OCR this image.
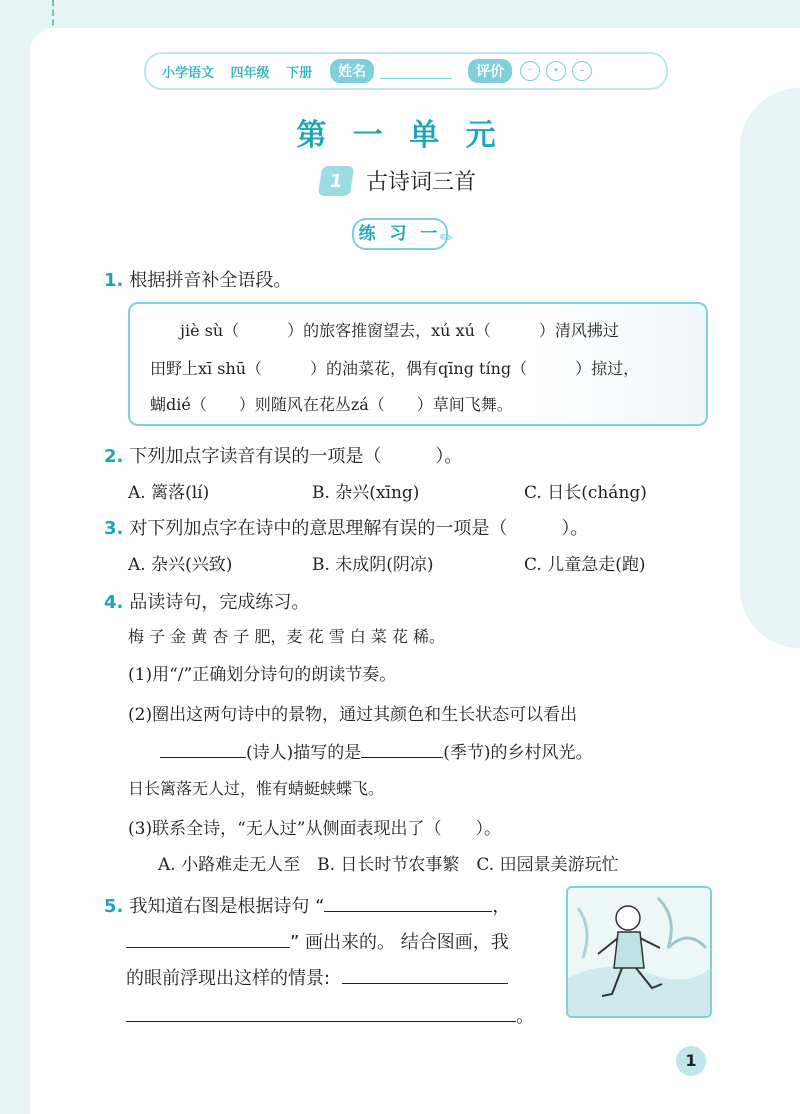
小学语文 四年级 下册	姓名	评价	ᵕ	•	–
第 一 单 元
1	古诗词三首
练 习 一
✎
1. 根据拼音补全语段。
jiè sù（　　　）的旅客推窗望去，xú xú（　　　）清风拂过
田野上xī shū（　　　）的油菜花，偶有qīng tíng（　　　）掠过，
蝴dié（　　）则随风在花丛zá（　　）草间飞舞。
2. 下列加点字读音有误的一项是（　　　）。
A. 篱落(lí)	B. 杂兴(xīng)	C. 日长(cháng)
3. 对下列加点字在诗中的意思理解有误的一项是（　　　）。
A. 杂兴(兴致)	B. 未成阴(阴凉)	C. 儿童急走(跑)
4. 品读诗句，完成练习。
梅 子 金 黄 杏 子 肥，麦 花 雪 白 菜 花 稀。
(1)用“/”正确划分诗句的朗读节奏。
(2)圈出这两句诗中的景物，通过其颜色和生长状态可以看出
(诗人)描写的是	(季节)的乡村风光。
日长篱落无人过，惟有蜻蜓蛱蝶飞。
(3)联系全诗，“无人过”从侧面表现出了（　　）。
A. 小路难走无人至　B. 日长时节农事繁　C. 田园景美游玩忙
5. 我知道右图是根据诗句 “	，
” 画出来的。 结合图画，我
的眼前浮现出这样的情景:
。
1
